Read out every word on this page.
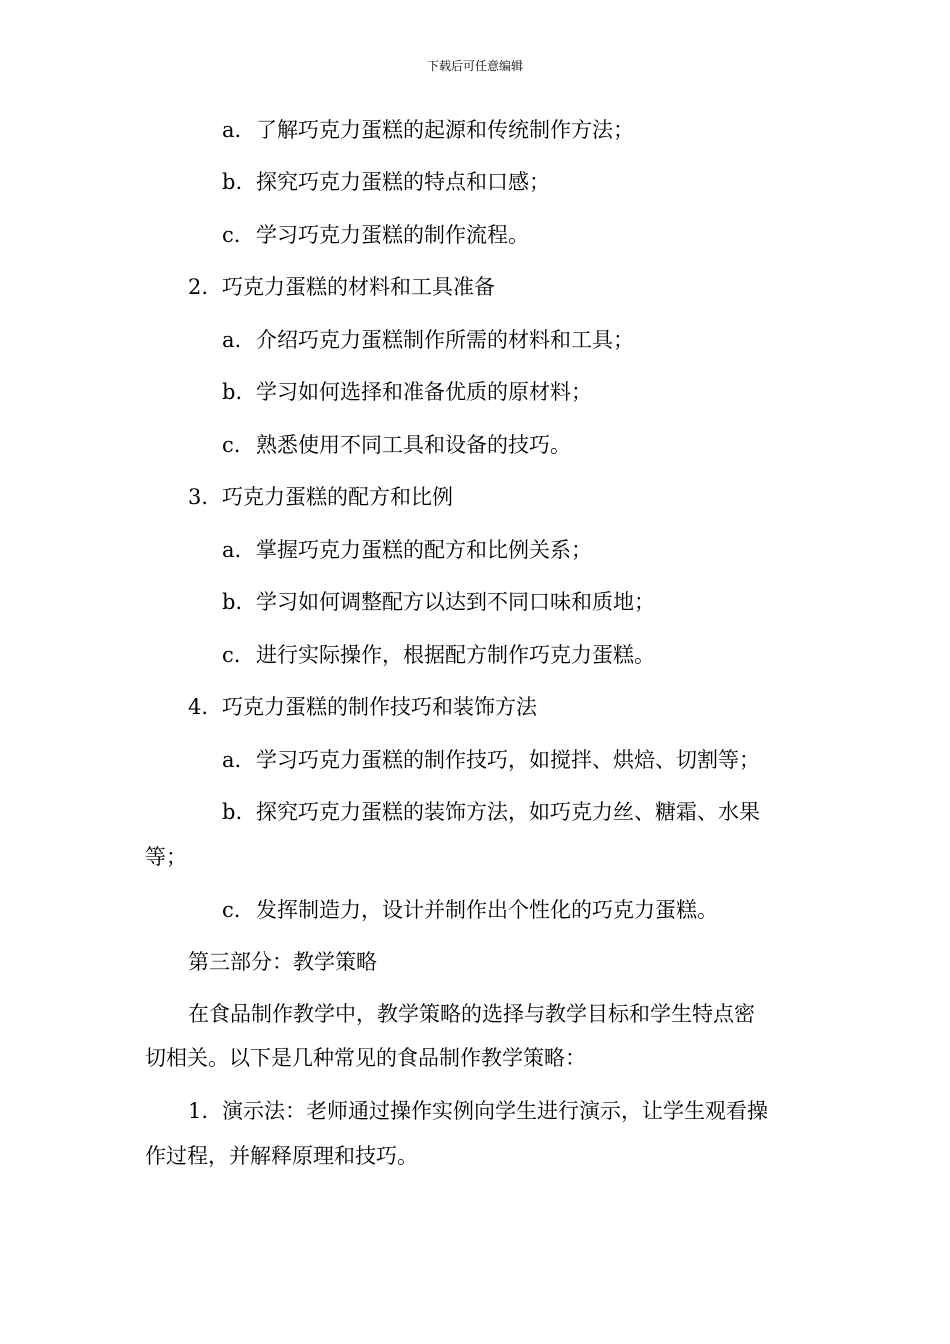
下载后可任意编辑
a. 了解巧克力蛋糕的起源和传统制作方法；
b. 探究巧克力蛋糕的特点和口感；
c. 学习巧克力蛋糕的制作流程。
2. 巧克力蛋糕的材料和工具准备
a. 介绍巧克力蛋糕制作所需的材料和工具；
b. 学习如何选择和准备优质的原材料；
c. 熟悉使用不同工具和设备的技巧。
3. 巧克力蛋糕的配方和比例
a. 掌握巧克力蛋糕的配方和比例关系；
b. 学习如何调整配方以达到不同口味和质地；
c. 进行实际操作，根据配方制作巧克力蛋糕。
4. 巧克力蛋糕的制作技巧和装饰方法
a. 学习巧克力蛋糕的制作技巧，如搅拌、烘焙、切割等；
b. 探究巧克力蛋糕的装饰方法，如巧克力丝、糖霜、水果
等；
c. 发挥制造力，设计并制作出个性化的巧克力蛋糕。
第三部分：教学策略
在食品制作教学中，教学策略的选择与教学目标和学生特点密
切相关。以下是几种常见的食品制作教学策略：
1. 演示法：老师通过操作实例向学生进行演示，让学生观看操
作过程，并解释原理和技巧。
